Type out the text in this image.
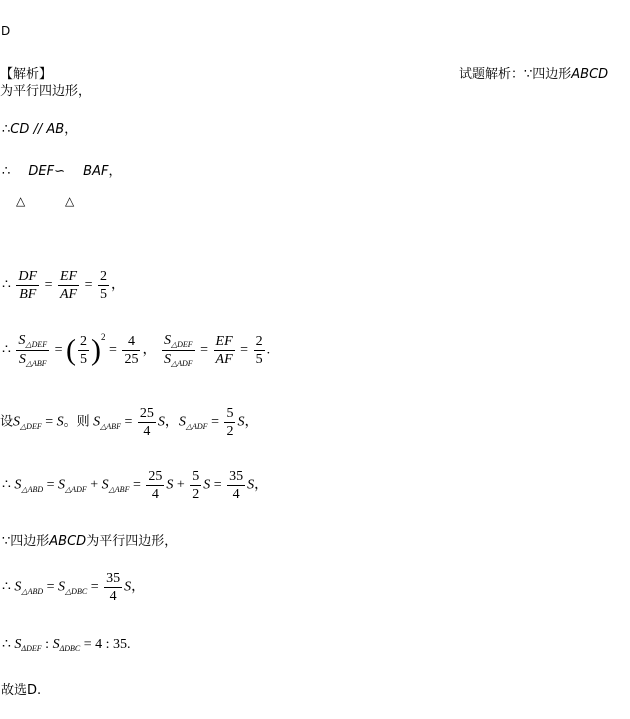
D
【解析】	试题解析：∵四边形ABCD
为平行四边形，
∴CD // AB，
∴ DEF∽ BAF，
△	△
∴ $\frac{DF}{BF} = \frac{EF}{AF} = \frac{2}{5}$ ，
∴ $\frac{S_{\triangle DEF}}{S_{\triangle ABF}}$ = ( $\frac{2}{5} )^2 = \frac{4}{25}$ ， $\frac{S_{\triangle DEF}}{S_{\triangle ADF}} = \frac{EF}{AF} = \frac{2}{5}$ .
设$S_{\triangle DEF} = S$。则 $S_{\triangle ABF} = \frac{25}{4}$ S，$S_{\triangle ADF} = \frac{5}{2}$ S，
∴ $S_{\triangle ABD} = S_{\triangle ADF} + S_{\triangle ABF} = \frac{25}{4}$ $S + \frac{5}{2}$ $S = \frac{35}{4}$ S，
∵四边形ABCD为平行四边形，
∴ $S_{\triangle ABD} = S_{\triangle DBC} = \frac{35}{4}$ S，
∴ $S_{\Delta DEF}$ : $S_{\Delta DBC} = 4$ : 35.
故选D.
